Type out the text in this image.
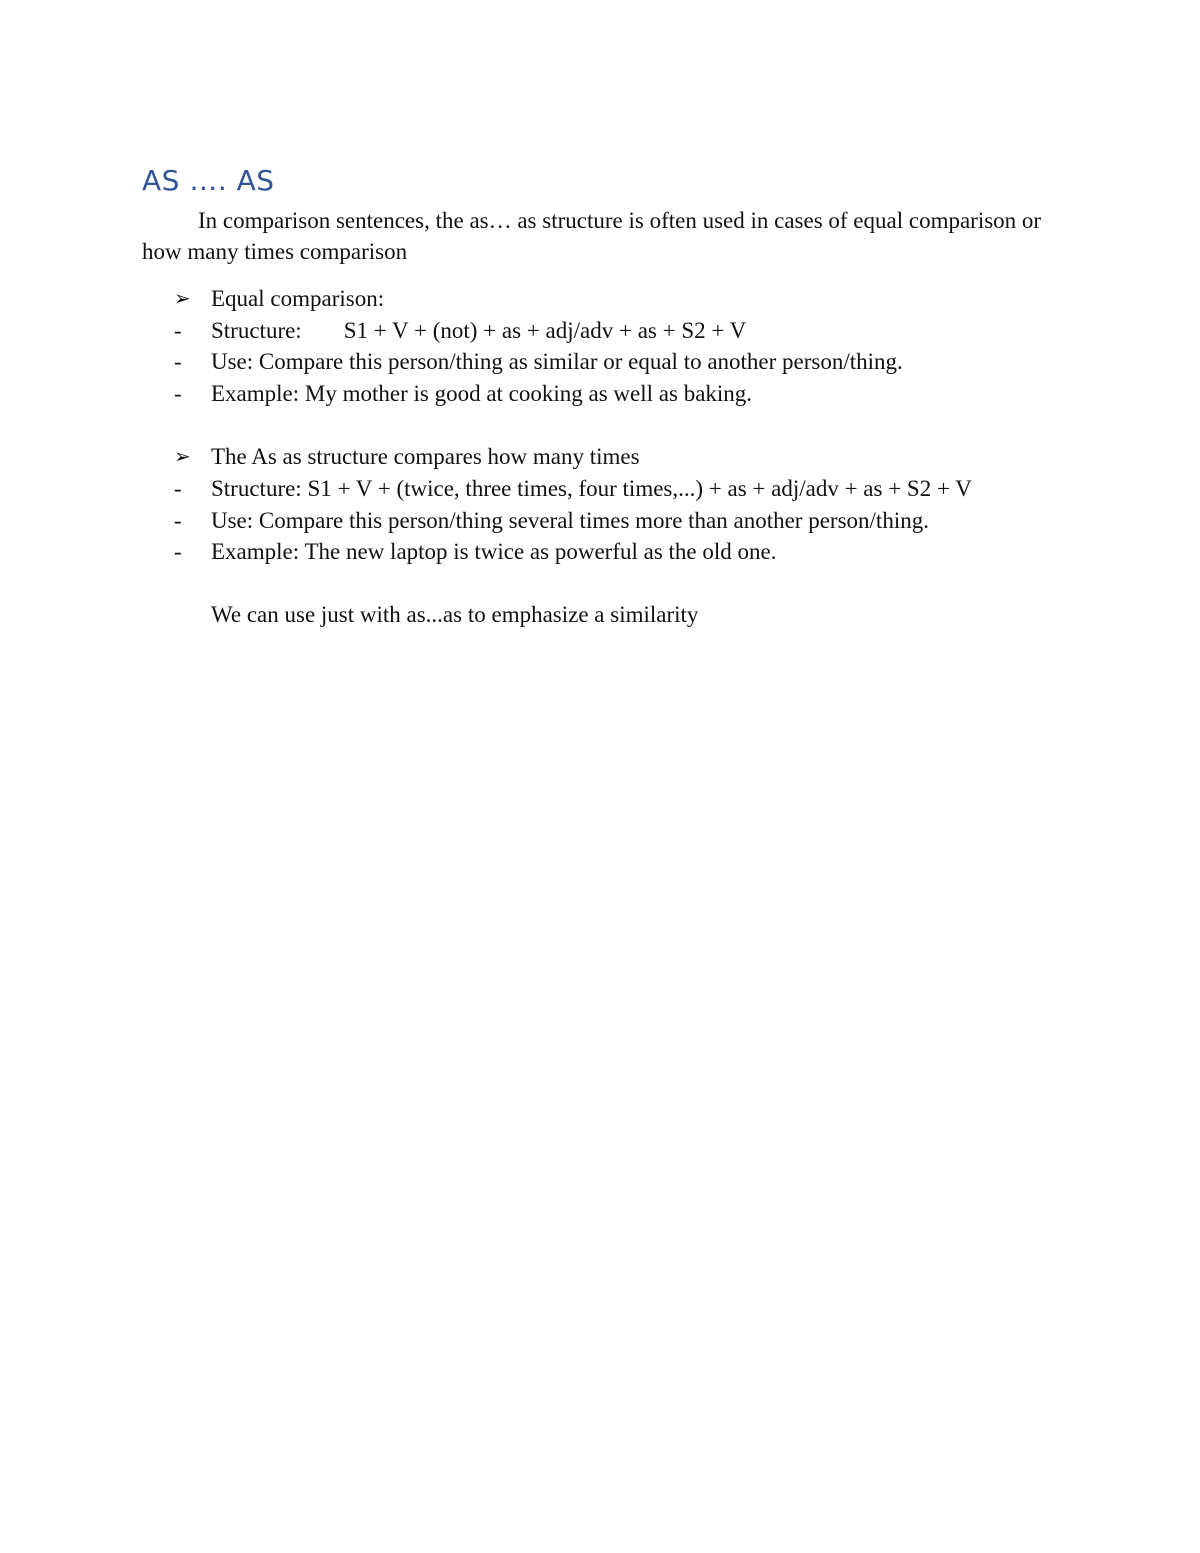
AS …. AS
In comparison sentences, the as… as structure is often used in cases of equal comparison or how many times comparison
➢ Equal comparison:
- Structure: S1 + V + (not) + as + adj/adv + as + S2 + V
- Use: Compare this person/thing as similar or equal to another person/thing.
- Example: My mother is good at cooking as well as baking.
➢ The As as structure compares how many times
- Structure: S1 + V + (twice, three times, four times,...) + as + adj/adv + as + S2 + V
- Use: Compare this person/thing several times more than another person/thing.
- Example: The new laptop is twice as powerful as the old one.
We can use just with as...as to emphasize a similarity
